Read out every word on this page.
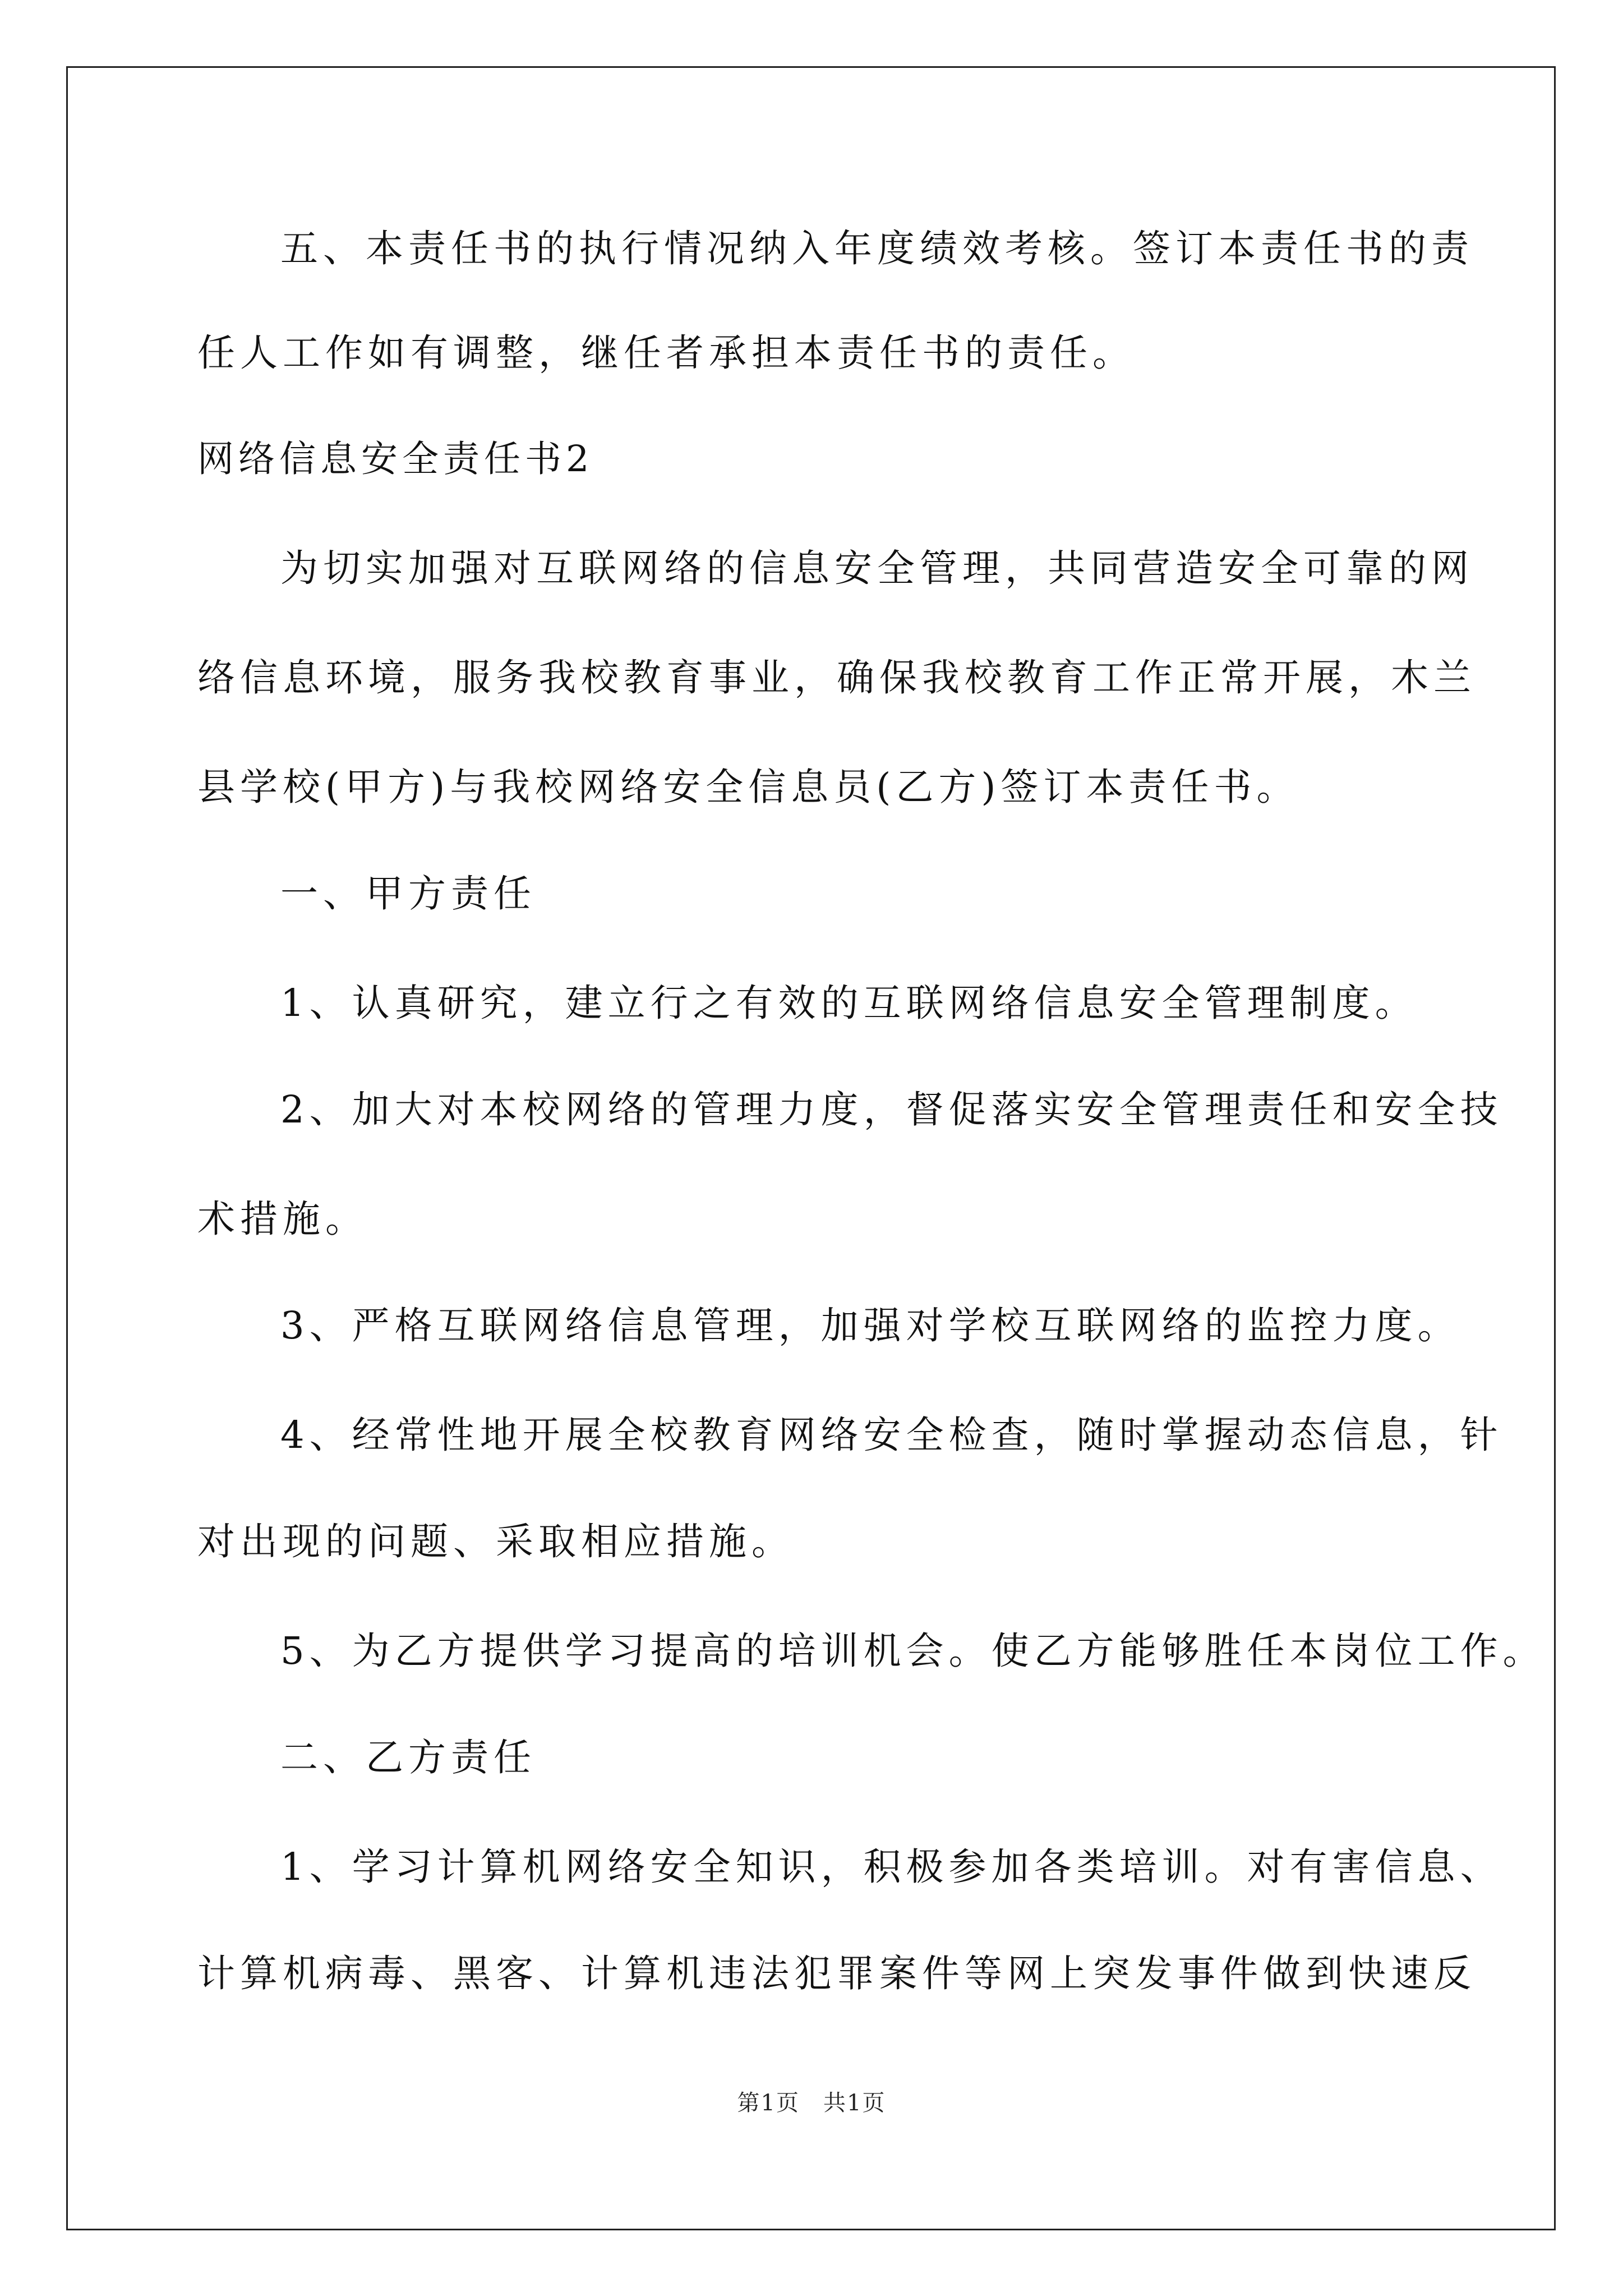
五、本责任书的执行情况纳入年度绩效考核。签订本责任书的责
任人工作如有调整，继任者承担本责任书的责任。
网络信息安全责任书2
为切实加强对互联网络的信息安全管理，共同营造安全可靠的网
络信息环境，服务我校教育事业，确保我校教育工作正常开展，木兰
县学校(甲方)与我校网络安全信息员(乙方)签订本责任书。
一、甲方责任
1、认真研究，建立行之有效的互联网络信息安全管理制度。
2、加大对本校网络的管理力度，督促落实安全管理责任和安全技
术措施。
3、严格互联网络信息管理，加强对学校互联网络的监控力度。
4、经常性地开展全校教育网络安全检查，随时掌握动态信息，针
对出现的问题、采取相应措施。
5、为乙方提供学习提高的培训机会。使乙方能够胜任本岗位工作。
二、乙方责任
1、学习计算机网络安全知识，积极参加各类培训。对有害信息、
计算机病毒、黑客、计算机违法犯罪案件等网上突发事件做到快速反
第1页　共1页
